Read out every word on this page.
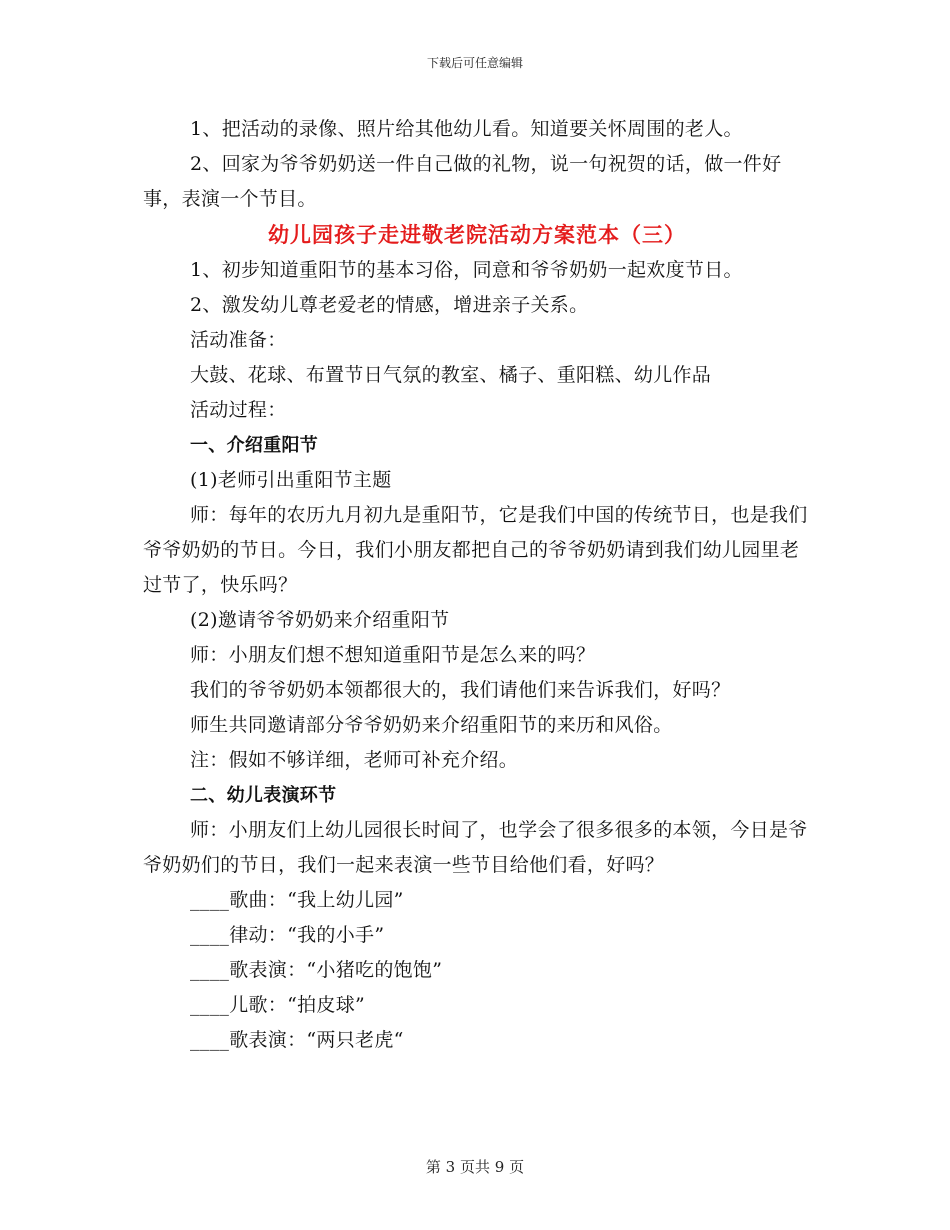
下载后可任意编辑

1、把活动的录像、照片给其他幼儿看。知道要关怀周围的老人。

2、回家为爷爷奶奶送一件自己做的礼物，说一句祝贺的话，做一件好事，表演一个节目。

幼儿园孩子走进敬老院活动方案范本（三）

1、初步知道重阳节的基本习俗，同意和爷爷奶奶一起欢度节日。

2、激发幼儿尊老爱老的情感，增进亲子关系。

活动准备：

大鼓、花球、布置节日气氛的教室、橘子、重阳糕、幼儿作品

活动过程：

一、介绍重阳节

(1)老师引出重阳节主题

师：每年的农历九月初九是重阳节，它是我们中国的传统节日，也是我们爷爷奶奶的节日。今日，我们小朋友都把自己的爷爷奶奶请到我们幼儿园里老过节了，快乐吗？

(2)邀请爷爷奶奶来介绍重阳节

师：小朋友们想不想知道重阳节是怎么来的吗？

我们的爷爷奶奶本领都很大的，我们请他们来告诉我们，好吗？

师生共同邀请部分爷爷奶奶来介绍重阳节的来历和风俗。

注：假如不够详细，老师可补充介绍。

二、幼儿表演环节

师：小朋友们上幼儿园很长时间了，也学会了很多很多的本领，今日是爷爷奶奶们的节日，我们一起来表演一些节目给他们看，好吗？

____歌曲：“我上幼儿园”

____律动：“我的小手”

____歌表演：“小猪吃的饱饱”

____儿歌：“拍皮球”

____歌表演：“两只老虎“

第 3 页共 9 页
